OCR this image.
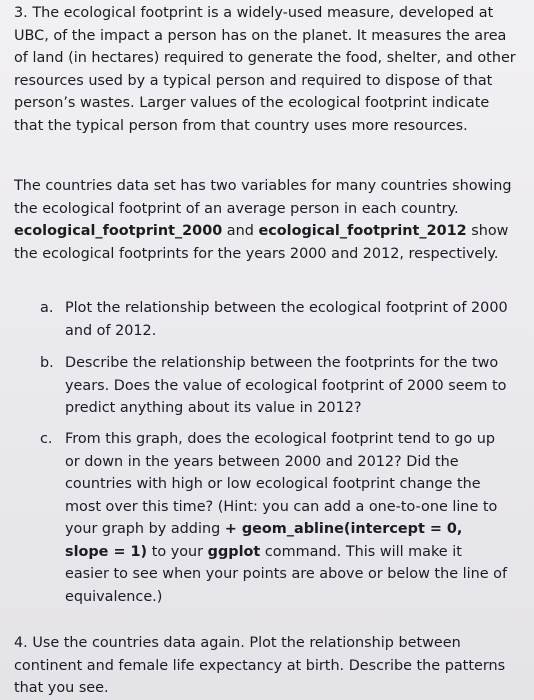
3. The ecological footprint is a widely-used measure, developed at UBC, of the impact a person has on the planet. It measures the area of land (in hectares) required to generate the food, shelter, and other resources used by a typical person and required to dispose of that person’s wastes. Larger values of the ecological footprint indicate that the typical person from that country uses more resources.

The countries data set has two variables for many countries showing the ecological footprint of an average person in each country. ecological_footprint_2000 and ecological_footprint_2012 show the ecological footprints for the years 2000 and 2012, respectively.

a. Plot the relationship between the ecological footprint of 2000 and of 2012.
b. Describe the relationship between the footprints for the two years. Does the value of ecological footprint of 2000 seem to predict anything about its value in 2012?
c. From this graph, does the ecological footprint tend to go up or down in the years between 2000 and 2012? Did the countries with high or low ecological footprint change the most over this time? (Hint: you can add a one-to-one line to your graph by adding + geom_abline(intercept = 0, slope = 1) to your ggplot command. This will make it easier to see when your points are above or below the line of equivalence.)

4. Use the countries data again. Plot the relationship between continent and female life expectancy at birth. Describe the patterns that you see.
